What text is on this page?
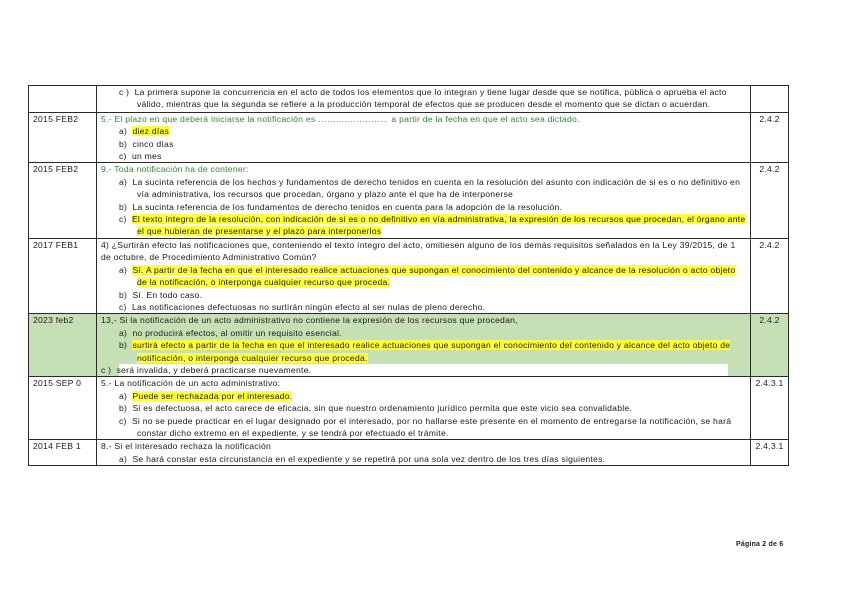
	c ) La primera supone la concurrencia en el acto de todos los elementos que lo integran y tiene lugar desde que se notifica, pública o aprueba el acto válido, mientras que la segunda se refiere a la producción temporal de efectos que se producen desde el momento que se dictan o acuerdan.	

2015 FEB2	5.- El plazo en que deberá iniciarse la notificación es …………………… a partir de la fecha en que el acto sea dictado.

a) diez días

b) cinco días

c) un mes	2.4.2
2015 FEB2	9.- Toda notificación ha de contener:

a) La sucinta referencia de los hechos y fundamentos de derecho tenidos en cuenta en la resolución del asunto con indicación de si es o no definitivo en vía administrativa, los recursos que procedan, órgano y plazo ante el que ha de interponerse

b) La sucinta referencia de los fundamentos de derecho tenidos en cuenta para la adopción de la resolución.

c) El texto íntegro de la resolución, con indicación de si es o no definitivo en vía administrativa, la expresión de los recursos que procedan, el órgano ante el que hubieran de presentarse y el plazo para interponerlos	2.4.2
2017 FEB1	4) ¿Surtirán efecto las notificaciones que, conteniendo el texto íntegro del acto, omitiesen alguno de los demás requisitos señalados en la Ley 39/2015, de 1 de octubre, de Procedimiento Administrativo Común?

a) Sí. A partir de la fecha en que el interesado realice actuaciones que supongan el conocimiento del contenido y alcance de la resolución o acto objeto de la notificación, o interponga cualquier recurso que proceda.

b) Sí. En todo caso.

c) Las notificaciones defectuosas no surtirán ningún efecto al ser nulas de pleno derecho.	2.4.2
2023 feb2	13,- Si la notificación de un acto administrativo no contiene la expresión de los recursos que procedan,

a) no producirá efectos, al omitir un requisito esencial.

b) surtirá efecto a partir de la fecha en que el interesado realice actuaciones que supongan el conocimiento del contenido y alcance del acto objeto de notificación, o interponga cualquier recurso que proceda.

c ) será invalida, y deberá practicarse nuevamente.	2.4.2
2015 SEP 0	5.- La notificación de un acto administrativo:

a) Puede ser rechazada por el interesado.

b) Si es defectuosa, el acto carece de eficacia, sin que nuestro ordenamiento jurídico permita que este vicio sea convalidable.

c) Si no se puede practicar en el lugar designado por el interesado, por no hallarse este presente en el momento de entregarse la notificación, se hará constar dicho extremo en el expediente, y se tendrá por efectuado el trámite.	2.4.3.1
2014 FEB 1	8.- Si el interesado rechaza la notificación

a) Se hará constar esta circunstancia en el expediente y se repetirá por una sola vez dentro de los tres días siguientes.	2.4.3.1
Página 2 de 6
